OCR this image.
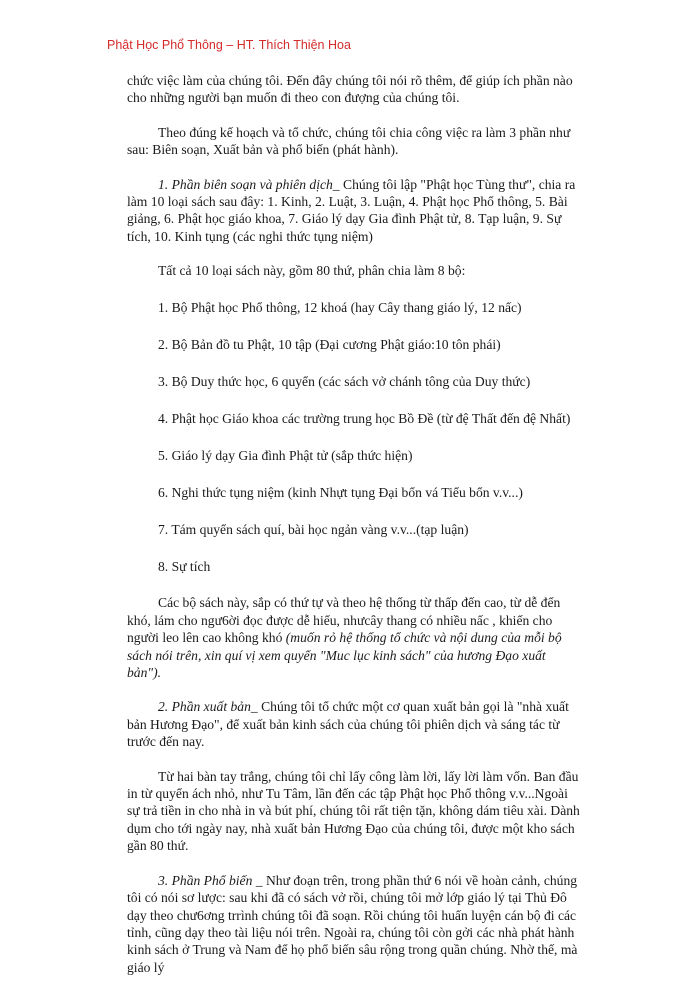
Phật Học Phổ Thông – HT. Thích Thiện Hoa

chức việc làm của chúng tôi. Đến đây chúng tôi nói rõ thêm, để giúp ích phần nào cho những người bạn muốn đi theo con đượng của chúng tôi.

Theo đúng kế hoạch và tổ chức, chúng tôi chia công việc ra làm 3 phần như sau: Biên soạn, Xuất bản và phổ biến (phát hành).

1. Phần biên soạn và phiên dịch_ Chúng tôi lập "Phật học Tùng thư", chia ra làm 10 loại sách sau đây: 1. Kinh, 2. Luật, 3. Luận, 4. Phật học Phổ thông, 5. Bài giảng, 6. Phật học giáo khoa, 7. Giáo lý dạy Gia đình Phật tử, 8. Tạp luận, 9. Sự tích, 10. Kinh tụng (các nghi thức tụng niệm)

Tất cả 10 loại sách này, gồm 80 thứ, phân chia làm 8 bộ:

1. Bộ Phật học Phổ thông, 12 khoá (hay Cây thang giáo lý, 12 nấc)

2. Bộ Bản đồ tu Phật, 10 tập (Đại cương Phật giáo:10 tôn phái)

3. Bộ Duy thức học, 6 quyển (các sách vở chánh tông của Duy thức)

4. Phật học Giáo khoa các trường trung học Bồ Đề (từ đệ Thất đến đệ Nhất)

5. Giáo lý dạy Gia đình Phật tử (sắp thức hiện)

6. Nghi thức tụng niệm (kinh Nhựt tụng Đại bổn vá Tiểu bổn v.v...)

7. Tám quyển sách quí, bài học ngản vàng v.v...(tạp luận)

8. Sự tích

Các bộ sách này, sắp có thứ tự và theo hệ thống từ thấp đến cao, từ dễ đến khó, lám cho ngư6ời đọc được dễ hiểu, nhưcây thang có nhiều nấc , khiến cho người leo lên cao không khó (muốn rỏ hệ thống tổ chức và nội dung của mỗi bộ sách nói trên, xin quí vị xem quyển "Muc lục kinh sách" của hương Đạo xuất bản").

2. Phần xuất bản_ Chúng tôi tổ chức một cơ quan xuất bản gọi là "nhà xuất bản Hương Đạo", để xuất bản kinh sách của chúng tôi phiên dịch và sáng tác từ trước đến nay.

Từ hai bàn tay trắng, chúng tôi chỉ lấy công làm lời, lấy lời làm vốn. Ban đầu in từ quyển ách nhỏ, như Tu Tâm, lần đến các tập Phật học Phổ thông v.v...Ngoài sự trả tiền in cho nhà in và bút phí, chúng tôi rất tiện tặn, không dám tiêu xài. Dành dụm cho tới ngày nay, nhà xuất bản Hương Đạo của chúng tôi, được một kho sách gần 80 thứ.

3. Phần Phổ biến _ Như đoạn trên, trong phần thứ 6 nói về hoàn cảnh, chúng tôi có nói sơ lược: sau khi đã có sách vở rồi, chúng tôi mở lớp giáo lý tại Thủ Đô dạy theo chư6ơng trrình chúng tôi đã soạn. Rồi chúng tôi huấn luyện cán bộ đi các tỉnh, cũng dạy theo tài liệu nói trên. Ngoài ra, chúng tôi còn gởi các nhà phát hành kinh sách ở Trung và Nam để họ phổ biến sâu rộng trong quần chúng. Nhờ thế, mà giáo lý
